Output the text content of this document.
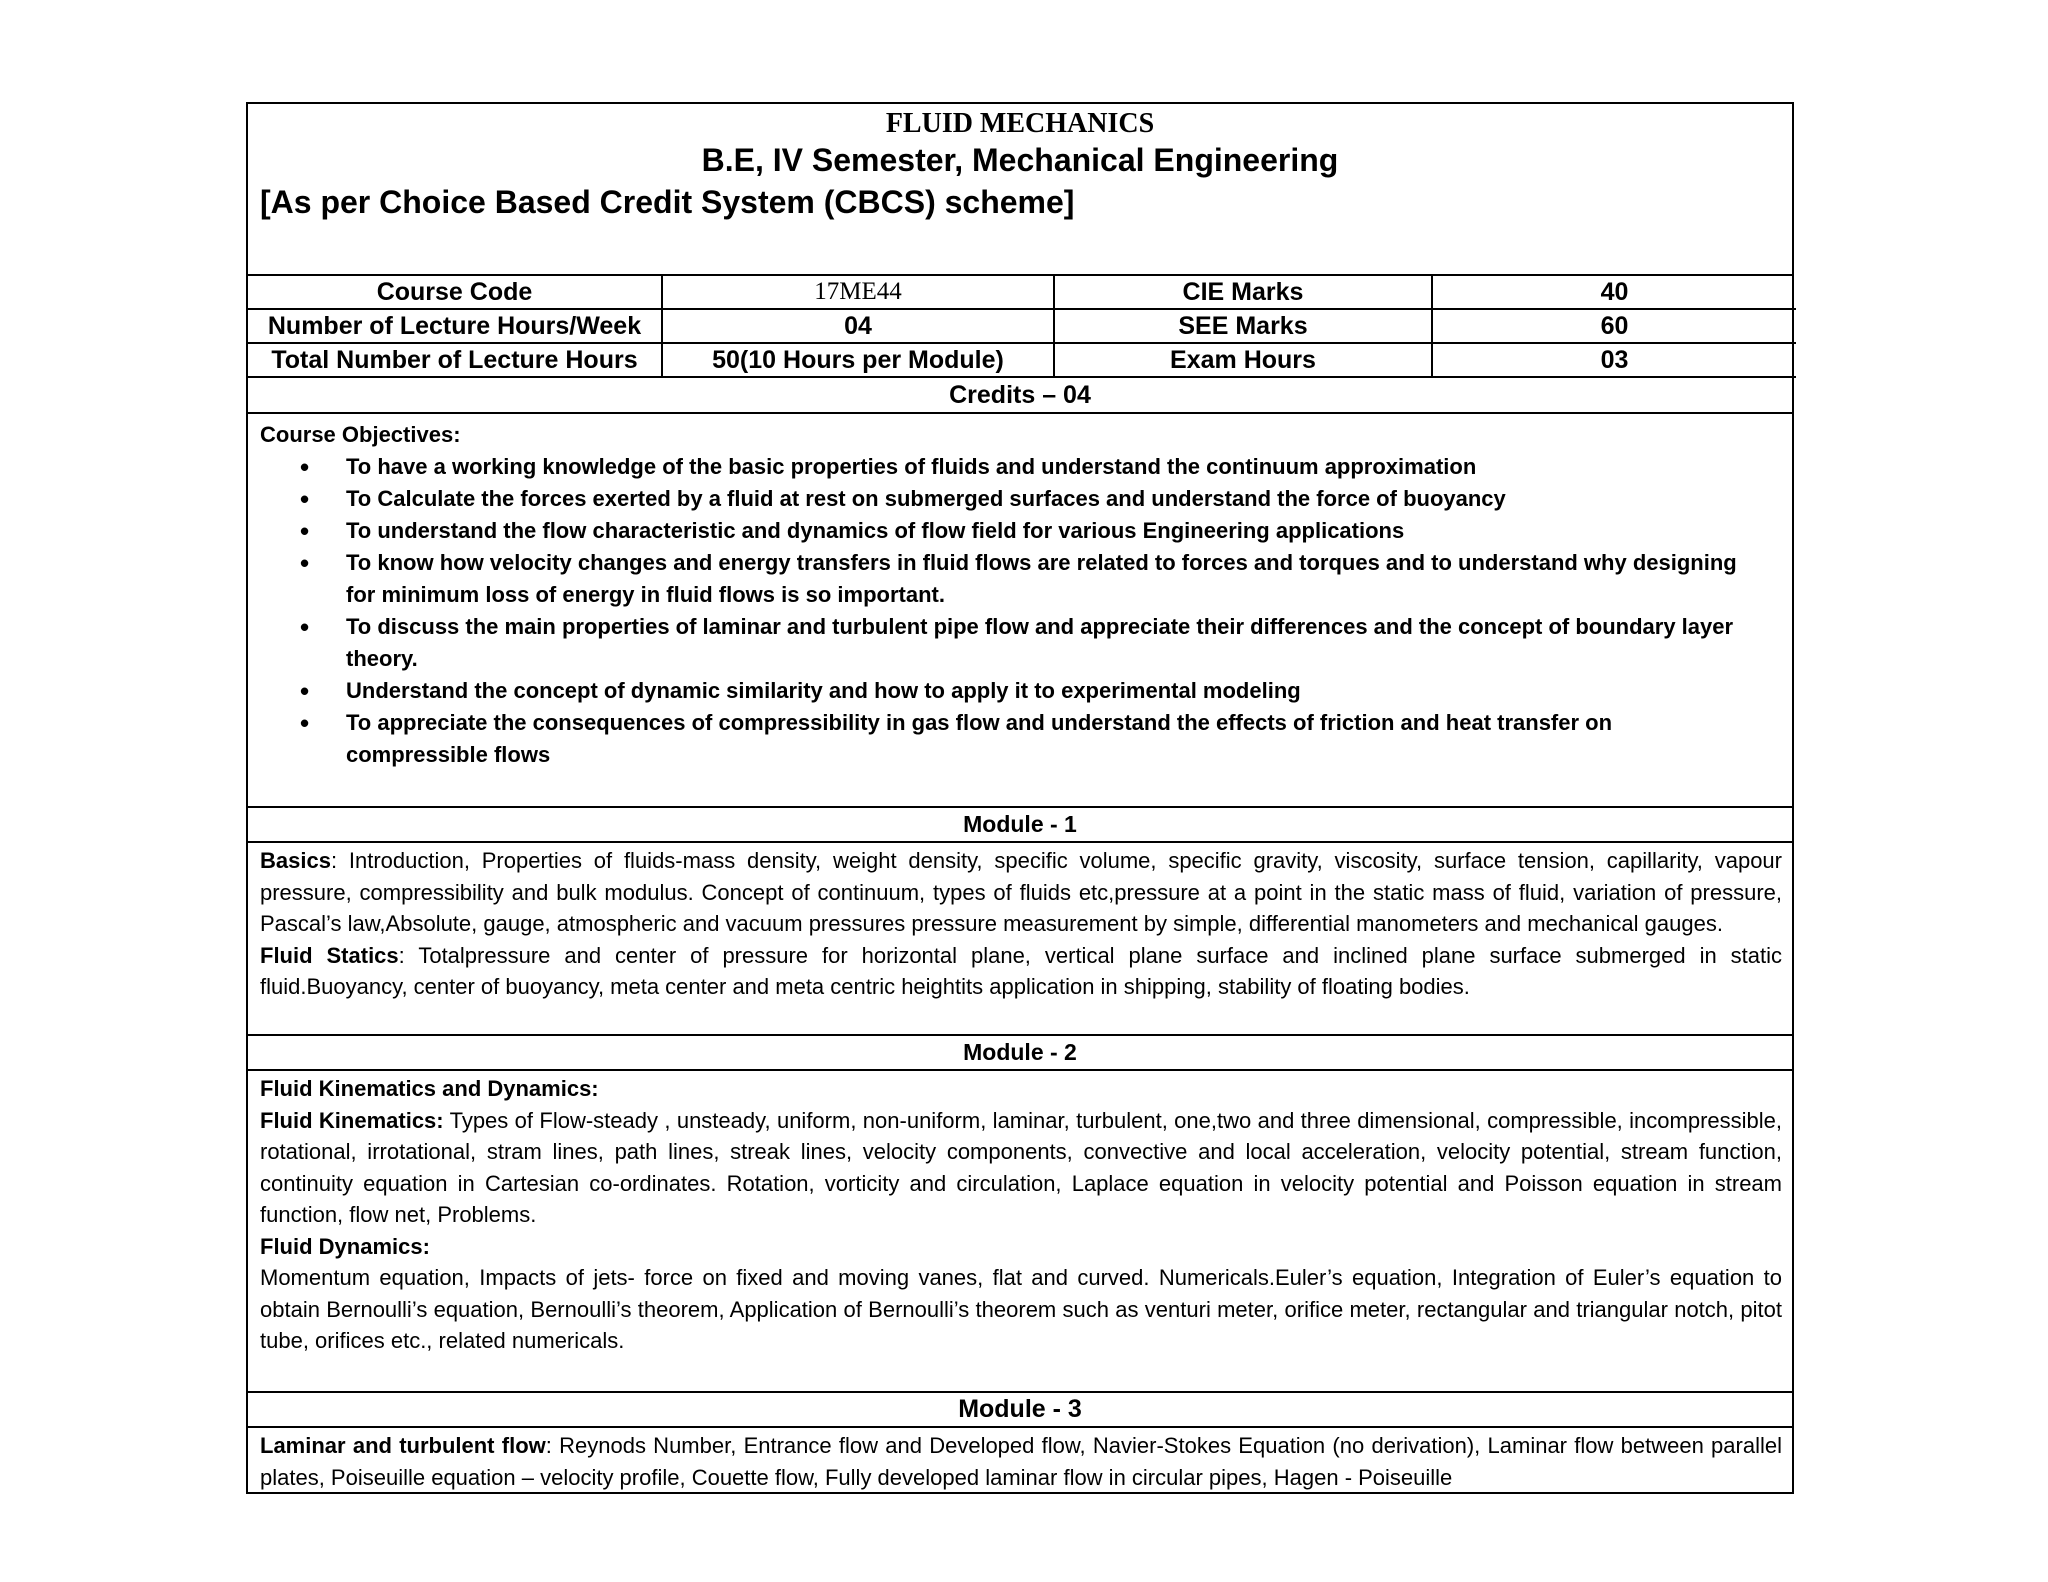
FLUID MECHANICS
B.E, IV Semester, Mechanical Engineering
[As per Choice Based Credit System (CBCS) scheme]
Course Code	17ME44	CIE Marks	40
Number of Lecture Hours/Week	04	SEE Marks	60
Total Number of Lecture Hours	50(10 Hours per Module)	Exam Hours	03
Credits – 04
Course Objectives:
• To have a working knowledge of the basic properties of fluids and understand the continuum approximation
• To Calculate the forces exerted by a fluid at rest on submerged surfaces and understand the force of buoyancy
• To understand the flow characteristic and dynamics of flow field for various Engineering applications
• To know how velocity changes and energy transfers in fluid flows are related to forces and torques and to understand why designing for minimum loss of energy in fluid flows is so important.
• To discuss the main properties of laminar and turbulent pipe flow and appreciate their differences and the concept of boundary layer theory.
• Understand the concept of dynamic similarity and how to apply it to experimental modeling
• To appreciate the consequences of compressibility in gas flow and understand the effects of friction and heat transfer on compressible flows
Module - 1

Basics: Introduction, Properties of fluids-mass density, weight density, specific volume, specific gravity, viscosity, surface tension, capillarity, vapour pressure, compressibility and bulk modulus. Concept of continuum, types of fluids etc,pressure at a point in the static mass of fluid, variation of pressure, Pascal’s law,Absolute, gauge, atmospheric and vacuum pressures pressure measurement by simple, differential manometers and mechanical gauges.

Fluid Statics: Totalpressure and center of pressure for horizontal plane, vertical plane surface and inclined plane surface submerged in static fluid.Buoyancy, center of buoyancy, meta center and meta centric heightits application in shipping, stability of floating bodies.

Module - 2

Fluid Kinematics and Dynamics:

Fluid Kinematics: Types of Flow-steady , unsteady, uniform, non-uniform, laminar, turbulent, one,two and three dimensional, compressible, incompressible, rotational, irrotational, stram lines, path lines, streak lines, velocity components, convective and local acceleration, velocity potential, stream function, continuity equation in Cartesian co-ordinates. Rotation, vorticity and circulation, Laplace equation in velocity potential and Poisson equation in stream function, flow net, Problems.

Fluid Dynamics:

Momentum equation, Impacts of jets- force on fixed and moving vanes, flat and curved. Numericals.Euler’s equation, Integration of Euler’s equation to obtain Bernoulli’s equation, Bernoulli’s theorem, Application of Bernoulli’s theorem such as venturi meter, orifice meter, rectangular and triangular notch, pitot tube, orifices etc., related numericals.

Module - 3

Laminar and turbulent flow: Reynods Number, Entrance flow and Developed flow, Navier-Stokes Equation (no derivation), Laminar flow between parallel plates, Poiseuille equation – velocity profile, Couette flow, Fully developed laminar flow in circular pipes, Hagen - Poiseuille
